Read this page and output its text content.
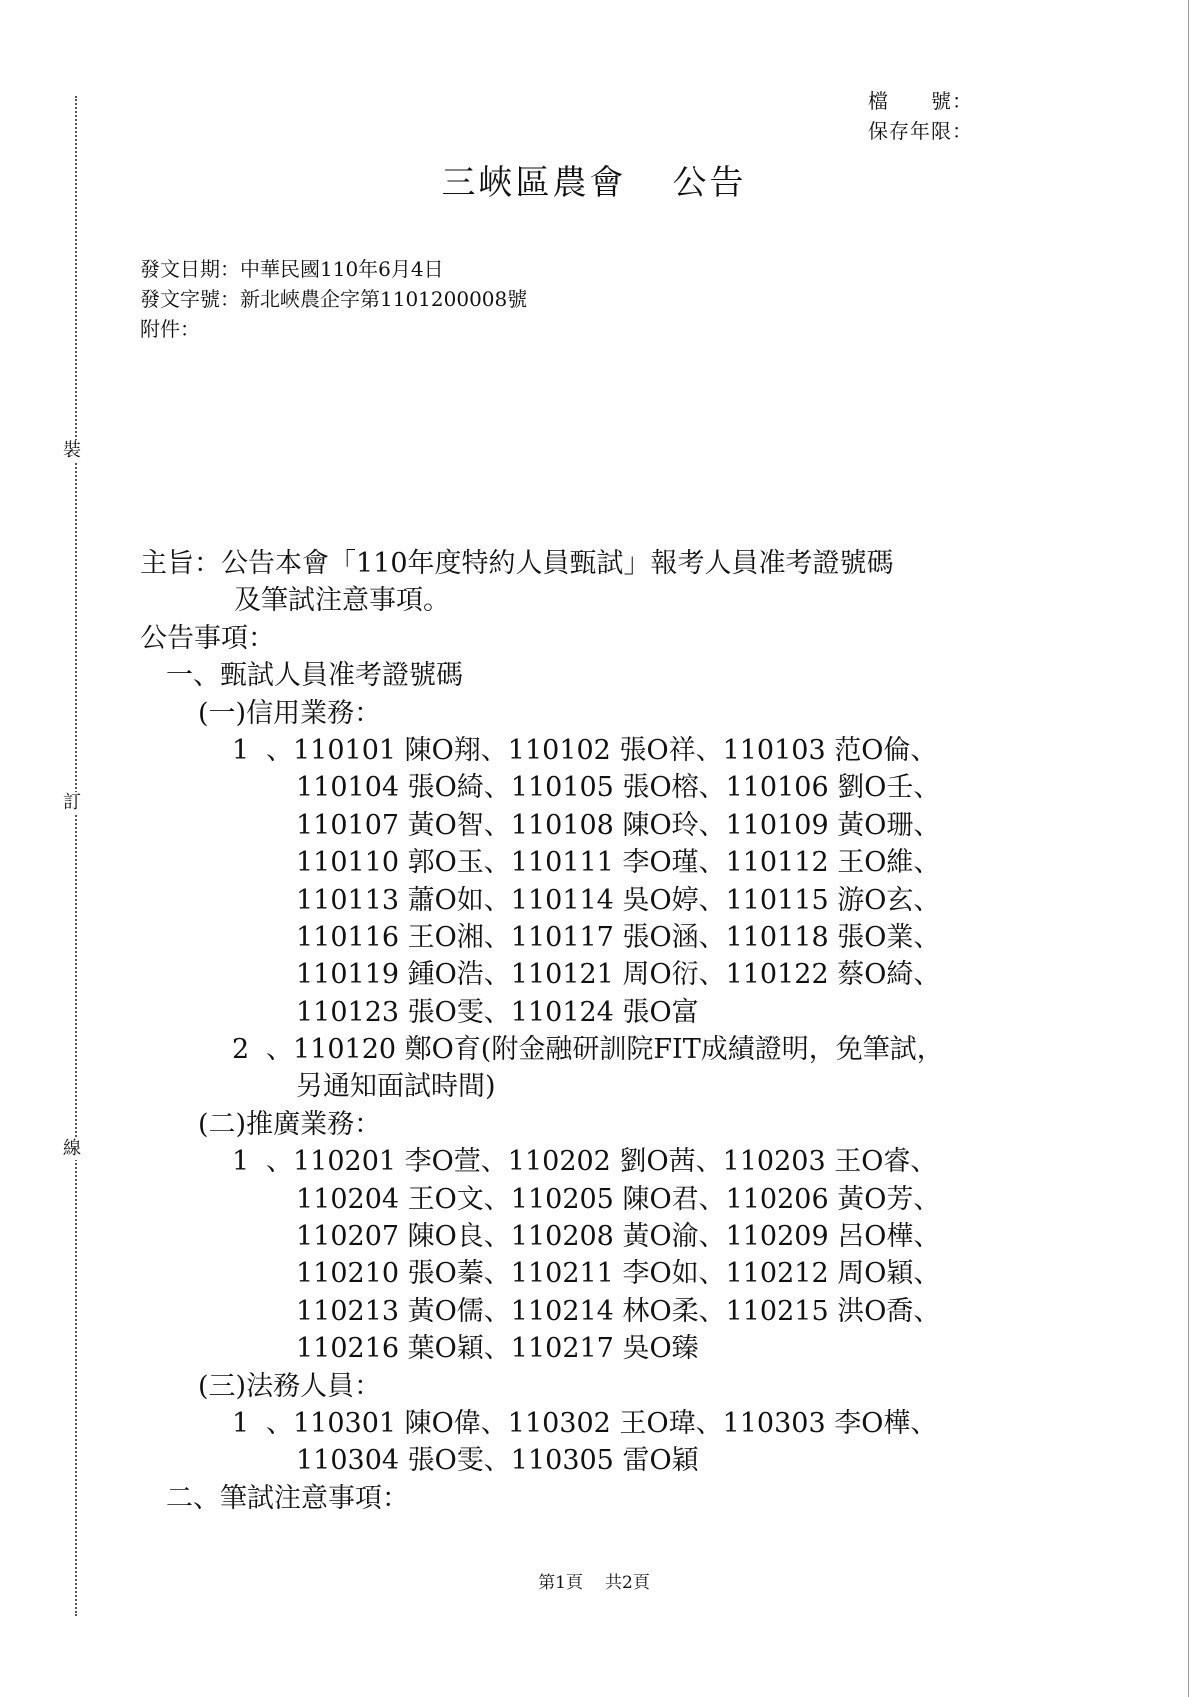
裝
訂
線
檔　　號：
保存年限：
三峽區農會 公告
發文日期：中華民國110年6月4日
發文字號：新北峽農企字第1101200008號
附件：
主旨：公告本會「110年度特約人員甄試」報考人員准考證號碼
及筆試注意事項。
公告事項：
一、甄試人員准考證號碼
(一)信用業務：
1 、110101 陳O翔、110102 張O祥、110103 范O倫、
110104 張O綺、110105 張O榕、110106 劉O壬、
110107 黃O智、110108 陳O玲、110109 黃O珊、
110110 郭O玉、110111 李O瑾、110112 王O維、
110113 蕭O如、110114 吳O婷、110115 游O玄、
110116 王O湘、110117 張O涵、110118 張O業、
110119 鍾O浩、110121 周O衍、110122 蔡O綺、
110123 張O雯、110124 張O富
2 、110120 鄭O育(附金融研訓院FIT成績證明，免筆試，
另通知面試時間)
(二)推廣業務：
1 、110201 李O萱、110202 劉O茜、110203 王O睿、
110204 王O文、110205 陳O君、110206 黃O芳、
110207 陳O良、110208 黃O渝、110209 呂O樺、
110210 張O蓁、110211 李O如、110212 周O穎、
110213 黃O儒、110214 林O柔、110215 洪O喬、
110216 葉O穎、110217 吳O臻
(三)法務人員：
1 、110301 陳O偉、110302 王O瑋、110303 李O樺、
110304 張O雯、110305 雷O穎
二、筆試注意事項：
第1頁 共2頁
